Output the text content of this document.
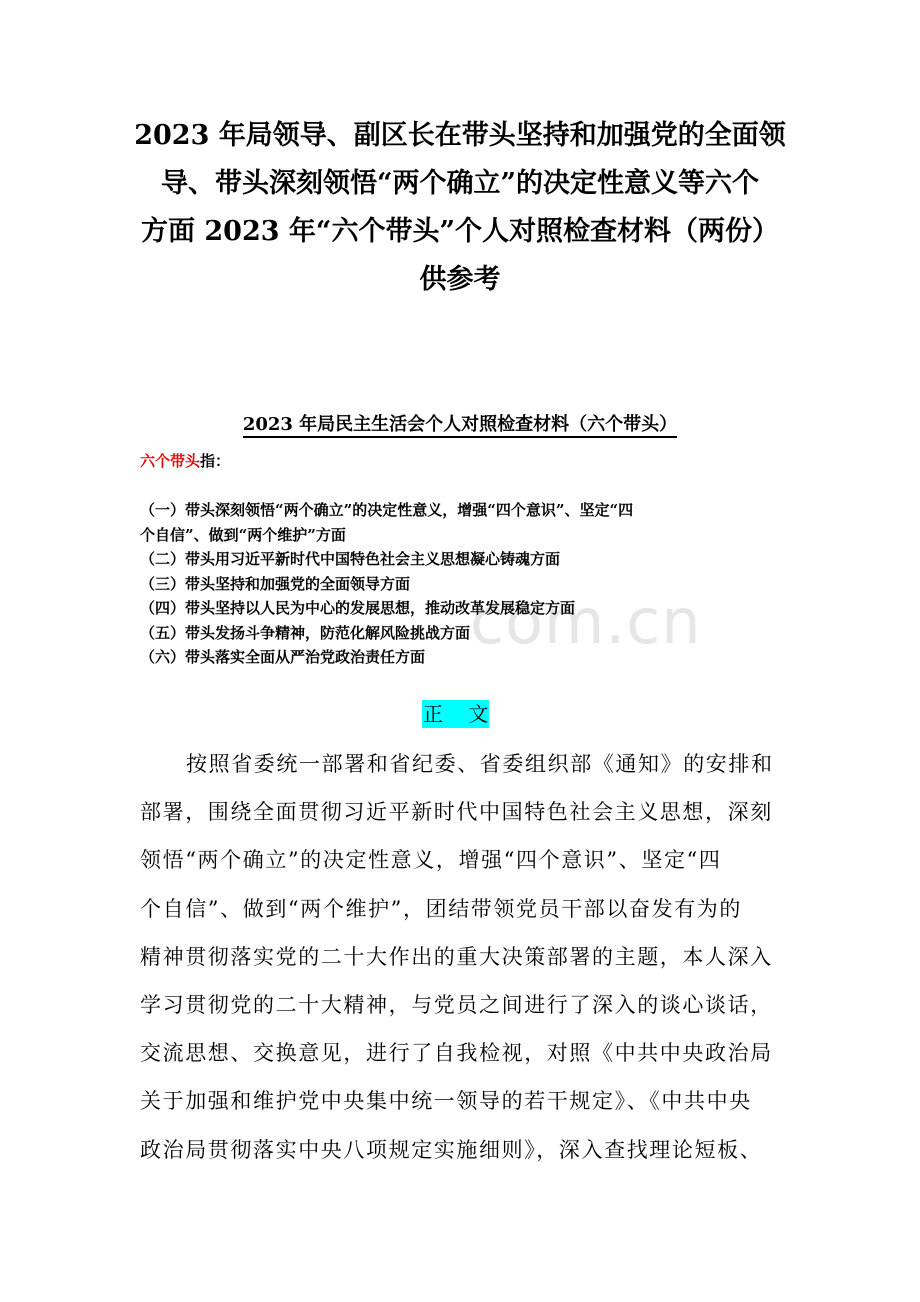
com.cn
2023 年局领导、副区长在带头坚持和加强党的全面领
导、带头深刻领悟“两个确立”的决定性意义等六个
方面 2023 年“六个带头”个人对照检查材料（两份）
供参考
2023 年局民主生活会个人对照检查材料（六个带头）
六个带头指：
（一）带头深刻领悟“两个确立”的决定性意义，增强“四个意识”、坚定“四
个自信”、做到“两个维护”方面
（二）带头用习近平新时代中国特色社会主义思想凝心铸魂方面
（三）带头坚持和加强党的全面领导方面
（四）带头坚持以人民为中心的发展思想，推动改革发展稳定方面
（五）带头发扬斗争精神，防范化解风险挑战方面
（六）带头落实全面从严治党政治责任方面
正    文
按照省委统一部署和省纪委、省委组织部《通知》的安排和
部署，围绕全面贯彻习近平新时代中国特色社会主义思想，深刻
领悟“两个确立”的决定性意义，增强“四个意识”、坚定“四
个自信”、做到“两个维护”，团结带领党员干部以奋发有为的
精神贯彻落实党的二十大作出的重大决策部署的主题，本人深入
学习贯彻党的二十大精神，与党员之间进行了深入的谈心谈话，
交流思想、交换意见，进行了自我检视，对照《中共中央政治局
关于加强和维护党中央集中统一领导的若干规定》、《中共中央
政治局贯彻落实中央八项规定实施细则》，深入查找理论短板、
